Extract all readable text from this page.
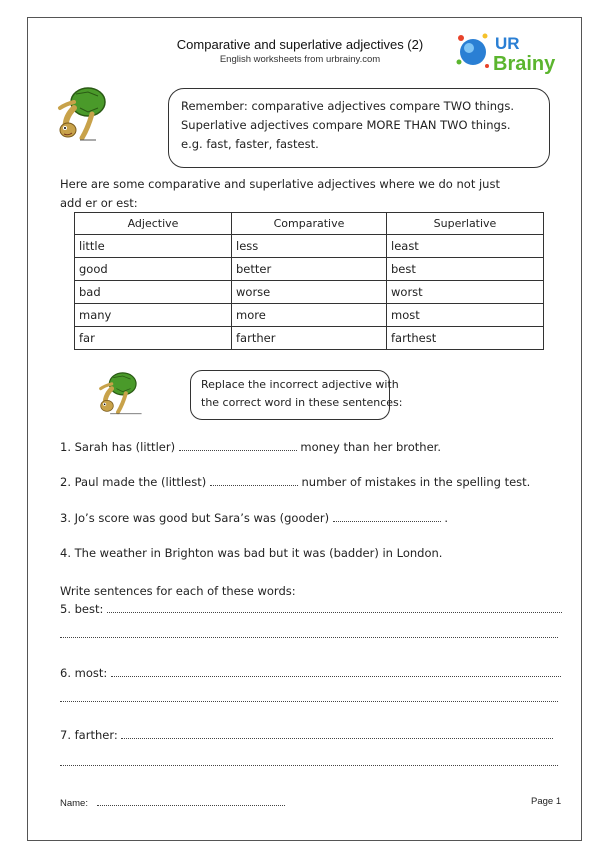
Comparative and superlative adjectives (2)
English worksheets from urbrainy.com
UR
Brainy

Remember: comparative adjectives compare TWO things.

Superlative adjectives compare MORE THAN TWO things.

e.g. fast, faster, fastest.

Here are some comparative and superlative adjectives where we do not just
add er or est:
Adjective	Comparative	Superlative
little	less	least
good	better	best
bad	worse	worst
many	more	most
far	farther	farthest

Replace the incorrect adjective with

the correct word in these sentences:

1. Sarah has (littler)	money than her brother.
2. Paul made the (littlest)	number of mistakes in the spelling test.
3. Jo’s score was good but Sara’s was (gooder)	.
4. The weather in Brighton was bad but it was (badder) in London.
Write sentences for each of these words:
5. best:
6. most:
7. farther:
Name:	Page 1
